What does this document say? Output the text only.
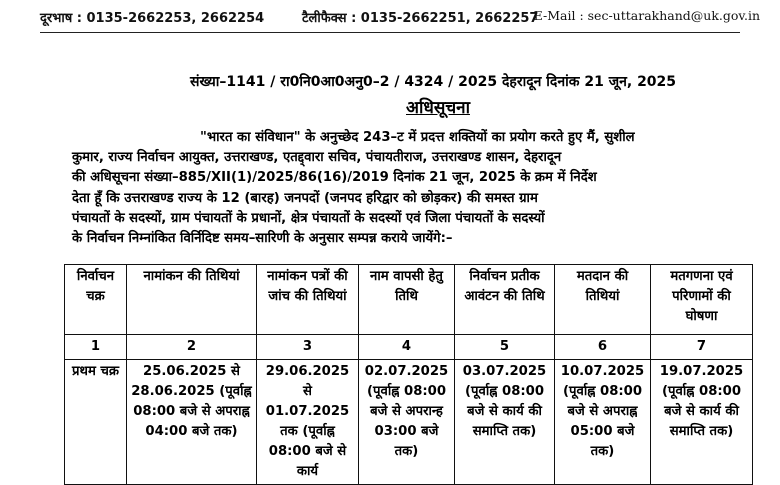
दूरभाष : 0135-2662253, 2662254	टैलीफैक्स : 0135-2662251, 2662257
E-Mail : sec-uttarakhand@uk.gov.in
संख्या–1141 / रा0नि0आ0अनु0–2 / 4324 / 2025 देहरादून दिनांक 21 जून, 2025
अधिसूचना
"भारत का संविधान" के अनुच्छेद 243–ट में प्रदत्त शक्तियों का प्रयोग करते हुए मैं, सुशील
कुमार, राज्य निर्वाचन आयुक्त, उत्तराखण्ड, एतद्द्वारा सचिव, पंचायतीराज, उत्तराखण्ड शासन, देहरादून
की अधिसूचना संख्या–885/XII(1)/2025/86(16)/2019 दिनांक 21 जून, 2025 के क्रम में निर्देश
देता हूँ कि उत्तराखण्ड राज्य के 12 (बारह) जनपदों (जनपद हरिद्वार को छोड़कर) की समस्त ग्राम
पंचायतों के सदस्यों, ग्राम पंचायतों के प्रधानों, क्षेत्र पंचायतों के सदस्यों एवं जिला पंचायतों के सदस्यों
के निर्वाचन निम्नांकित विर्निदिष्ट समय–सारिणी के अनुसार सम्पन्न कराये जायेंगे:–
निर्वाचन चक्र	नामांकन की तिथियां	नामांकन पत्रों की जांच की तिथियां	नाम वापसी हेतु तिथि	निर्वाचन प्रतीक आवंटन की तिथि	मतदान की तिथियां	मतगणना एवं परिणामों की घोषणा
1	2	3	4	5	6	7
प्रथम चक्र	25.06.2025 से 28.06.2025 (पूर्वाह्न 08:00 बजे से अपराह्न 04:00 बजे तक)	29.06.2025 से 01.07.2025 तक (पूर्वाह्न 08:00 बजे से कार्य	02.07.2025 (पूर्वाह्न 08:00 बजे से अपरान्ह 03:00 बजे तक)	03.07.2025 (पूर्वाह्न 08:00 बजे से कार्य की समाप्ति तक)	10.07.2025 (पूर्वाह्न 08:00 बजे से अपराह्न 05:00 बजे तक)	19.07.2025 (पूर्वाह्न 08:00 बजे से कार्य की समाप्ति तक)
